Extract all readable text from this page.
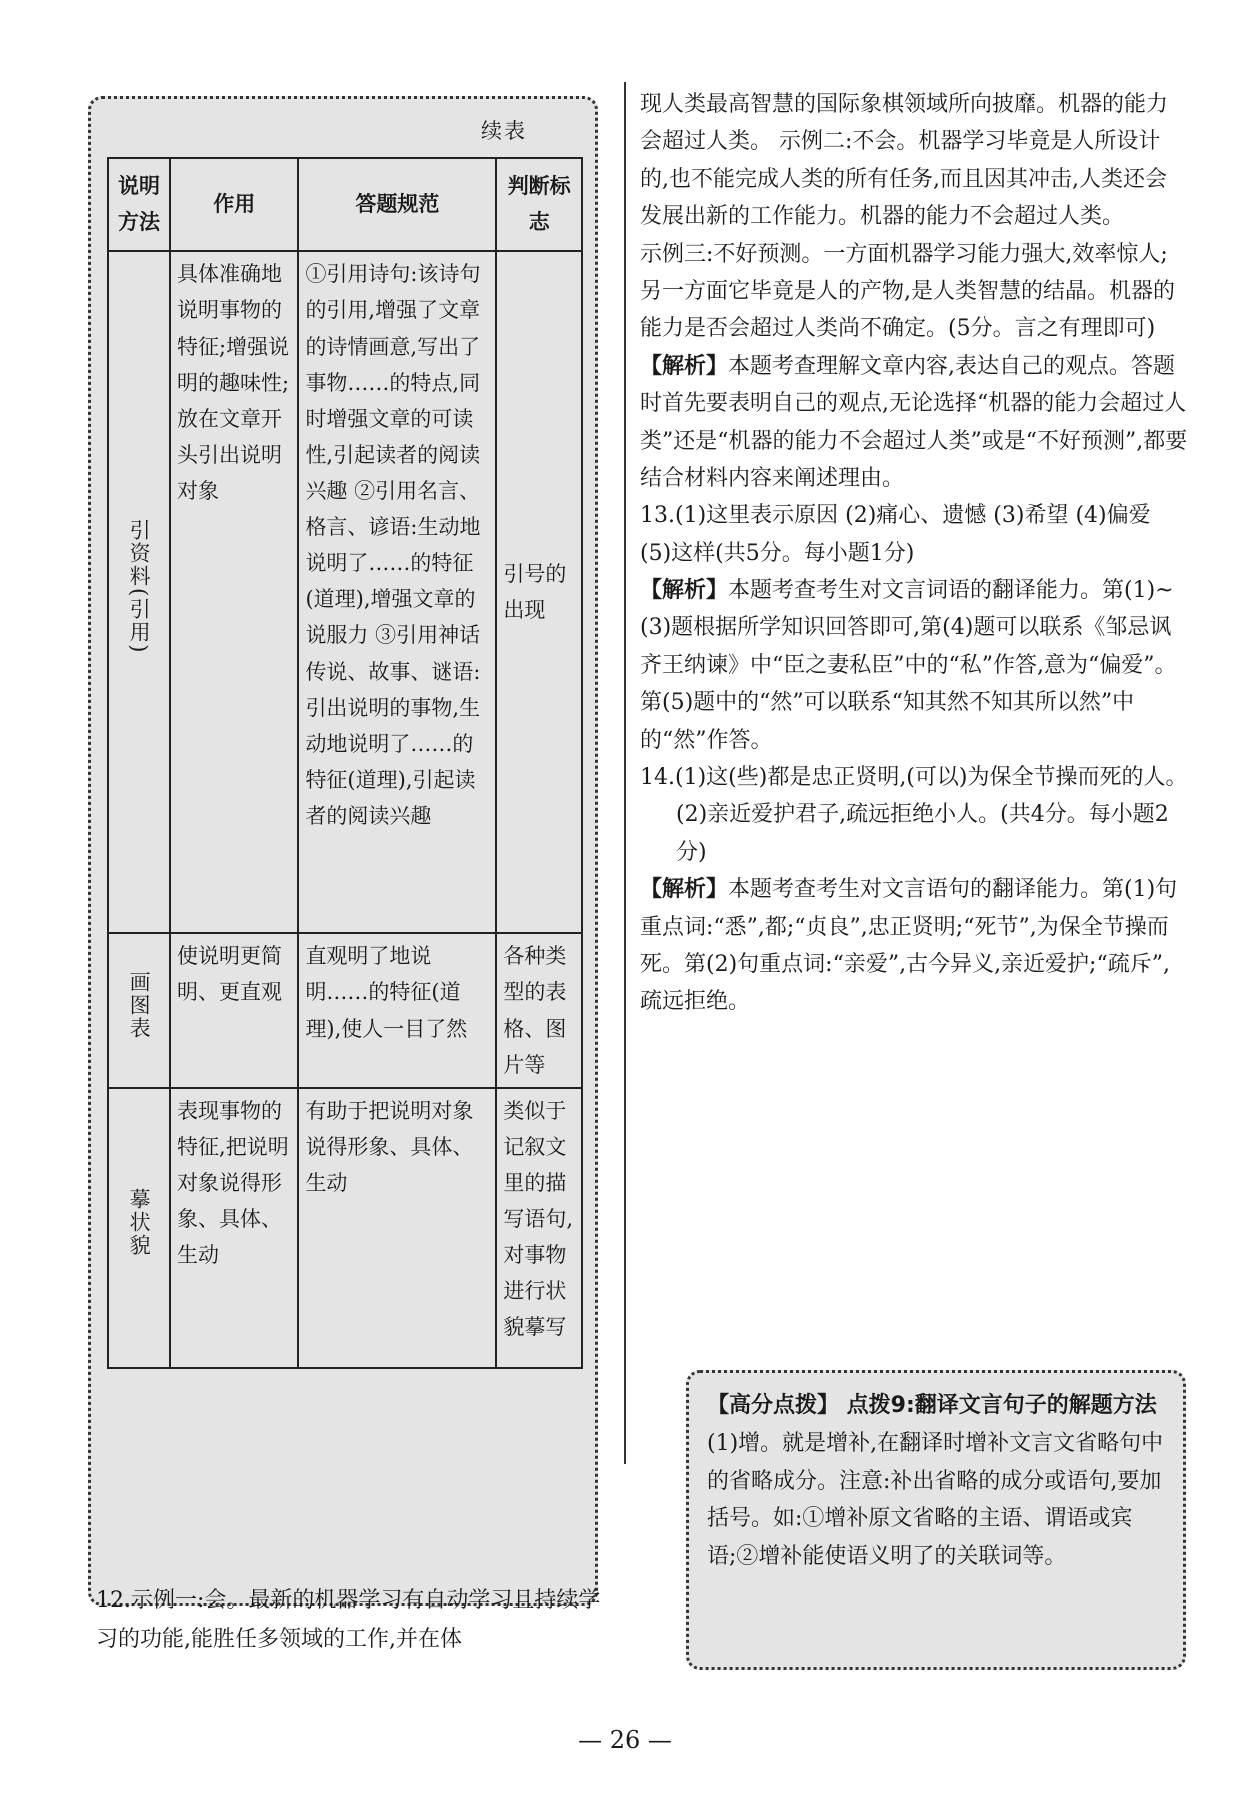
续表
说明方法	作用	答题规范	判断标志
引资料(引用)	具体准确地说明事物的特征;增强说明的趣味性;放在文章开头引出说明对象	①引用诗句:该诗句的引用,增强了文章的诗情画意,写出了事物……的特点,同时增强文章的可读性,引起读者的阅读兴趣 ②引用名言、格言、谚语:生动地说明了……的特征(道理),增强文章的说服力 ③引用神话传说、故事、谜语:引出说明的事物,生动地说明了……的特征(道理),引起读者的阅读兴趣	引号的出现
画图表	使说明更简明、更直观	直观明了地说明……的特征(道理),使人一目了然	各种类型的表格、图片等
摹状貌	表现事物的特征,把说明对象说得形象、具体、生动	有助于把说明对象说得形象、具体、生动	类似于记叙文里的描写语句,对事物进行状貌摹写
12.示例一:会。最新的机器学习有自动学习且持续学习的功能,能胜任多领域的工作,并在体

现人类最高智慧的国际象棋领域所向披靡。机器的能力会超过人类。 示例二:不会。机器学习毕竟是人所设计的,也不能完成人类的所有任务,而且因其冲击,人类还会发展出新的工作能力。机器的能力不会超过人类。

示例三:不好预测。一方面机器学习能力强大,效率惊人;另一方面它毕竟是人的产物,是人类智慧的结晶。机器的能力是否会超过人类尚不确定。(5分。言之有理即可)

【解析】本题考查理解文章内容,表达自己的观点。答题时首先要表明自己的观点,无论选择“机器的能力会超过人类”还是“机器的能力不会超过人类”或是“不好预测”,都要结合材料内容来阐述理由。

13.(1)这里表示原因 (2)痛心、遗憾 (3)希望 (4)偏爱 (5)这样(共5分。每小题1分)

【解析】本题考查考生对文言词语的翻译能力。第(1)~(3)题根据所学知识回答即可,第(4)题可以联系《邹忌讽齐王纳谏》中“臣之妻私臣”中的“私”作答,意为“偏爱”。第(5)题中的“然”可以联系“知其然不知其所以然”中的“然”作答。

14.(1)这(些)都是忠正贤明,(可以)为保全节操而死的人。

(2)亲近爱护君子,疏远拒绝小人。(共4分。每小题2分)

【解析】本题考查考生对文言语句的翻译能力。第(1)句重点词:“悉”,都;“贞良”,忠正贤明;“死节”,为保全节操而死。第(2)句重点词:“亲爱”,古今异义,亲近爱护;“疏斥”,疏远拒绝。

【高分点拨】 点拨9:翻译文言句子的解题方法
(1)增。就是增补,在翻译时增补文言文省略句中的省略成分。注意:补出省略的成分或语句,要加括号。如:①增补原文省略的主语、谓语或宾语;②增补能使语义明了的关联词等。
— 26 —
